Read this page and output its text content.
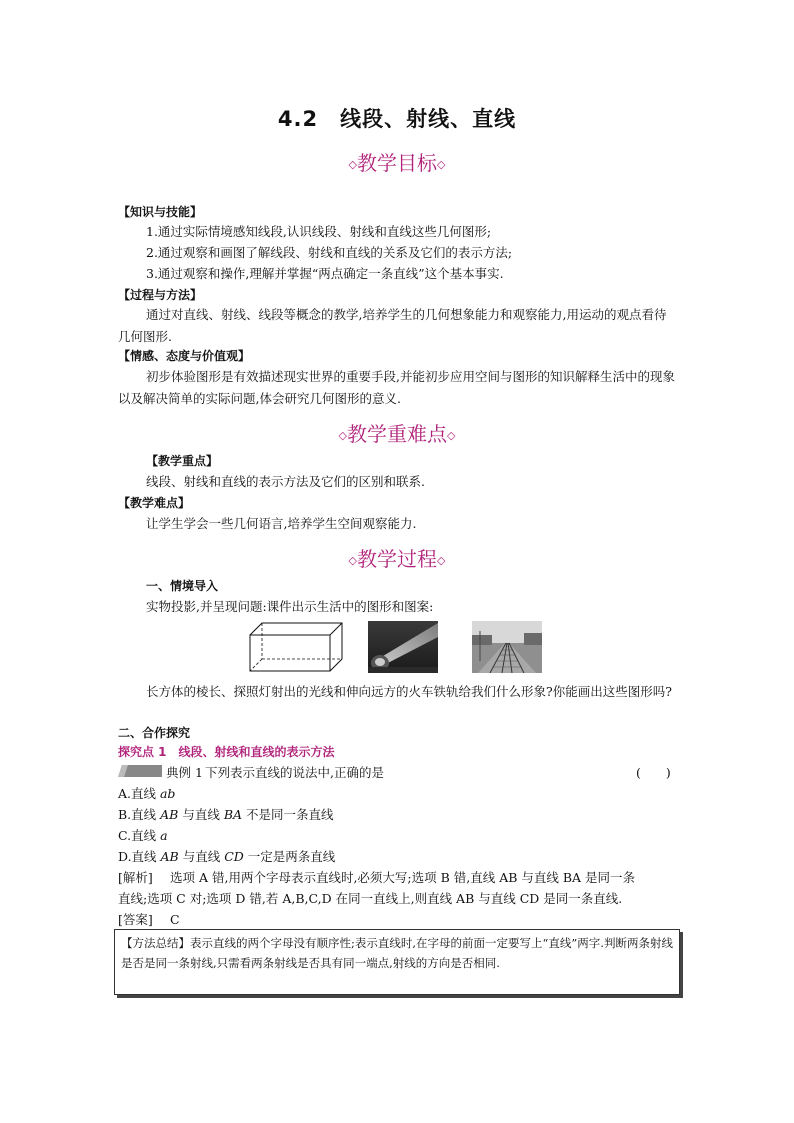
4.2　线段、射线、直线
◇教学目标◇
【知识与技能】
1.通过实际情境感知线段,认识线段、射线和直线这些几何图形;
2.通过观察和画图了解线段、射线和直线的关系及它们的表示方法;
3.通过观察和操作,理解并掌握“两点确定一条直线”这个基本事实.
【过程与方法】
通过对直线、射线、线段等概念的教学,培养学生的几何想象能力和观察能力,用运动的观点看待几何图形.
【情感、态度与价值观】
初步体验图形是有效描述现实世界的重要手段,并能初步应用空间与图形的知识解释生活中的现象以及解决简单的实际问题,体会研究几何图形的意义.
◇教学重难点◇
【教学重点】
线段、射线和直线的表示方法及它们的区别和联系.
【教学难点】
让学生学会一些几何语言,培养学生空间观察能力.
◇教学过程◇
一、情境导入
实物投影,并呈现问题:课件出示生活中的图形和图案:
长方体的棱长、探照灯射出的光线和伸向远方的火车铁轨给我们什么形象?你能画出这些图形吗?
二、合作探究
探究点 1　线段、射线和直线的表示方法
典例 1 下列表示直线的说法中,正确的是	(　　)
A.直线 ab
B.直线 AB 与直线 BA 不是同一条直线
C.直线 a
D.直线 AB 与直线 CD 一定是两条直线
[解析] 选项 A 错,用两个字母表示直线时,必须大写;选项 B 错,直线 AB 与直线 BA 是同一条
直线;选项 C 对;选项 D 错,若 A,B,C,D 在同一直线上,则直线 AB 与直线 CD 是同一条直线.
[答案] C
【方法总结】表示直线的两个字母没有顺序性;表示直线时,在字母的前面一定要写上“直线”两字.判断两条射线是否是同一条射线,只需看两条射线是否具有同一端点,射线的方向是否相同.
